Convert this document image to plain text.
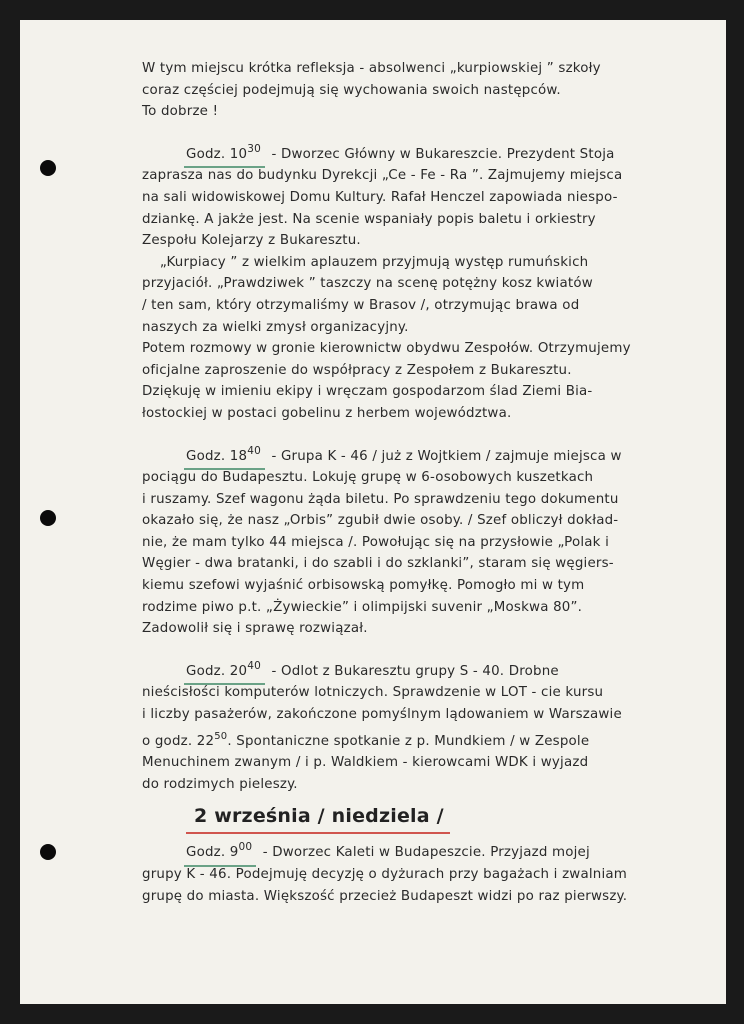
W tym miejscu krótka refleksja - absolwenci „kurpiowskiej ” szkoły
coraz częściej podejmują się wychowania swoich następców.
To dobrze !
Godz. $10^{30}$ - Dworzec Główny w Bukareszcie. Prezydent Stoja
zaprasza nas do budynku Dyrekcji „Ce - Fe - Ra ”. Zajmujemy miejsca
na sali widowiskowej Domu Kultury. Rafał Henczel zapowiada niespo-
dziankę. A jakże jest. Na scenie wspaniały popis baletu i orkiestry
Zespołu Kolejarzy z Bukaresztu.
„Kurpiacy ” z wielkim aplauzem przyjmują występ rumuńskich
przyjaciół. „Prawdziwek ” taszczy na scenę potężny kosz kwiatów
/ ten sam, który otrzymaliśmy w Brasov /, otrzymując brawa od
naszych za wielki zmysł organizacyjny.
Potem rozmowy w gronie kierownictw obydwu Zespołów. Otrzymujemy
oficjalne zaproszenie do współpracy z Zespołem z Bukaresztu.
Dziękuję w imieniu ekipy i wręczam gospodarzom ślad Ziemi Bia-
łostockiej w postaci gobelinu z herbem województwa.
Godz. $18^{40}$ - Grupa K - 46 / już z Wojtkiem / zajmuje miejsca w
pociągu do Budapesztu. Lokuję grupę w 6-osobowych kuszetkach
i ruszamy. Szef wagonu żąda biletu. Po sprawdzeniu tego dokumentu
okazało się, że nasz „Orbis” zgubił dwie osoby. / Szef obliczył dokład-
nie, że mam tylko 44 miejsca /. Powołując się na przysłowie „Polak i
Węgier - dwa bratanki, i do szabli i do szklanki”, staram się węgiers-
kiemu szefowi wyjaśnić orbisowską pomyłkę. Pomogło mi w tym
rodzime piwo p.t. „Żywieckie” i olimpijski suvenir „Moskwa 80”.
Zadowolił się i sprawę rozwiązał.
Godz. $20^{40}$ - Odlot z Bukaresztu grupy S - 40. Drobne
nieścisłości komputerów lotniczych. Sprawdzenie w LOT - cie kursu
i liczby pasażerów, zakończone pomyślnym lądowaniem w Warszawie
o godz. $22^{50}$. Spontaniczne spotkanie z p. Mundkiem / w Zespole
Menuchinem zwanym / i p. Waldkiem - kierowcami WDK i wyjazd
do rodzimych pieleszy.
2 września / niedziela /
Godz. $9^{00}$ - Dworzec Kaleti w Budapeszcie. Przyjazd mojej
grupy K - 46. Podejmuję decyzję o dyżurach przy bagażach i zwalniam
grupę do miasta. Większość przecież Budapeszt widzi po raz pierwszy.
